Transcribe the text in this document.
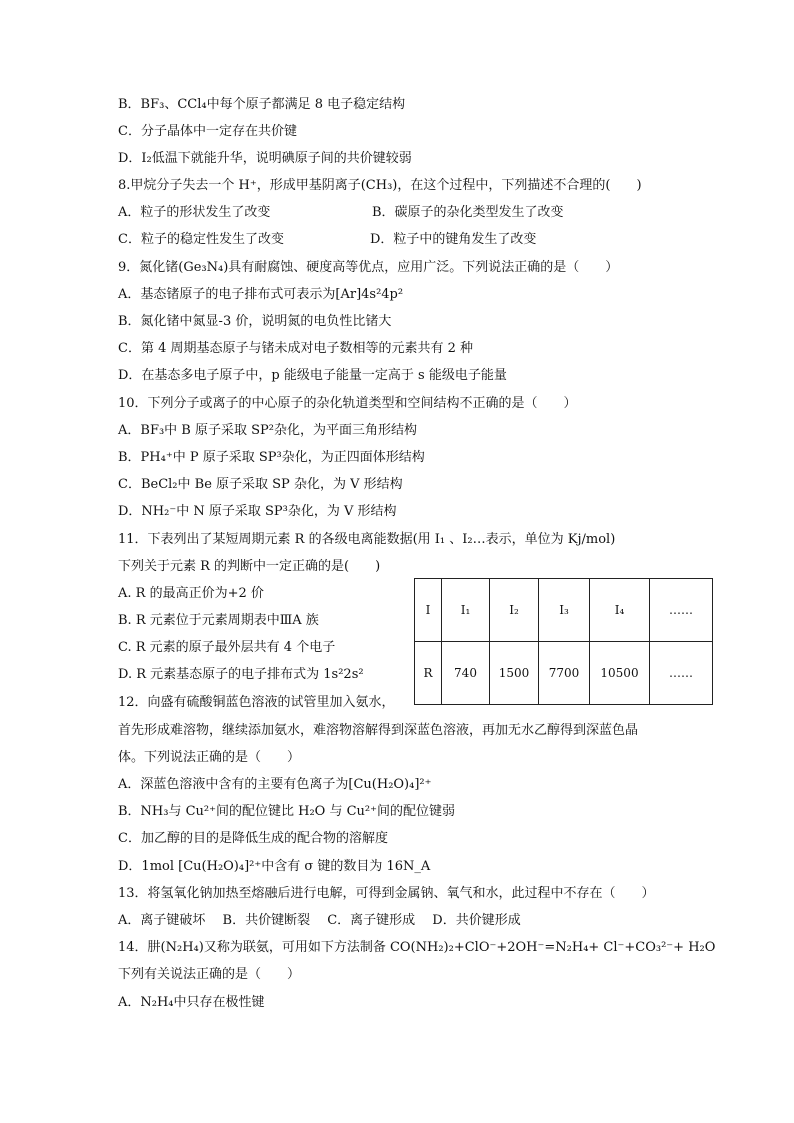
B．BF₃、CCl₄中每个原子都满足 8 电子稳定结构
C．分子晶体中一定存在共价键
D．I₂低温下就能升华，说明碘原子间的共价键较弱
8.甲烷分子失去一个 H⁺，形成甲基阴离子(CH₃)，在这个过程中，下列描述不合理的(　　)
A．粒子的形状发生了改变	B．碳原子的杂化类型发生了改变
C．粒子的稳定性发生了改变	D．粒子中的键角发生了改变
9．氮化锗(Ge₃N₄)具有耐腐蚀、硬度高等优点，应用广泛。下列说法正确的是（　　）
A．基态锗原子的电子排布式可表示为[Ar]4s²4p²
B．氮化锗中氮显-3 价，说明氮的电负性比锗大
C．第 4 周期基态原子与锗未成对电子数相等的元素共有 2 种
D．在基态多电子原子中，p 能级电子能量一定高于 s 能级电子能量
10．下列分子或离子的中心原子的杂化轨道类型和空间结构不正确的是（　　）
A．BF₃中 B 原子采取 SP²杂化，为平面三角形结构
B．PH₄⁺中 P 原子采取 SP³杂化，为正四面体形结构
C．BeCl₂中 Be 原子采取 SP 杂化，为 V 形结构
D．NH₂⁻中 N 原子采取 SP³杂化，为 V 形结构
11．下表列出了某短周期元素 R 的各级电离能数据(用 I₁ 、I₂…表示，单位为 Kj/mol)
下列关于元素 R 的判断中一定正确的是(　　)
A. R 的最高正价为+2 价
B. R 元素位于元素周期表中ⅢA 族
C. R 元素的原子最外层共有 4 个电子
D. R 元素基态原子的电子排布式为 1s²2s²
I	I₁	I₂	I₃	I₄	……
R	740	1500	7700	10500	……
12．向盛有硫酸铜蓝色溶液的试管里加入氨水，
首先形成难溶物，继续添加氨水，难溶物溶解得到深蓝色溶液，再加无水乙醇得到深蓝色晶
体。下列说法正确的是（　　）
A．深蓝色溶液中含有的主要有色离子为[Cu(H₂O)₄]²⁺
B．NH₃与 Cu²⁺间的配位键比 H₂O 与 Cu²⁺间的配位键弱
C．加乙醇的目的是降低生成的配合物的溶解度
D．1mol [Cu(H₂O)₄]²⁺中含有 σ 键的数目为 16N_A
13．将氢氧化钠加热至熔融后进行电解，可得到金属钠、氧气和水，此过程中不存在（　　）
A．离子键破坏　 B．共价键断裂　 C．离子键形成　 D．共价键形成
14．肼(N₂H₄)又称为联氨，可用如下方法制备 CO(NH₂)₂+ClO⁻+2OH⁻=N₂H₄+ Cl⁻+CO₃²⁻+ H₂O
下列有关说法正确的是（　　）
A．N₂H₄中只存在极性键
